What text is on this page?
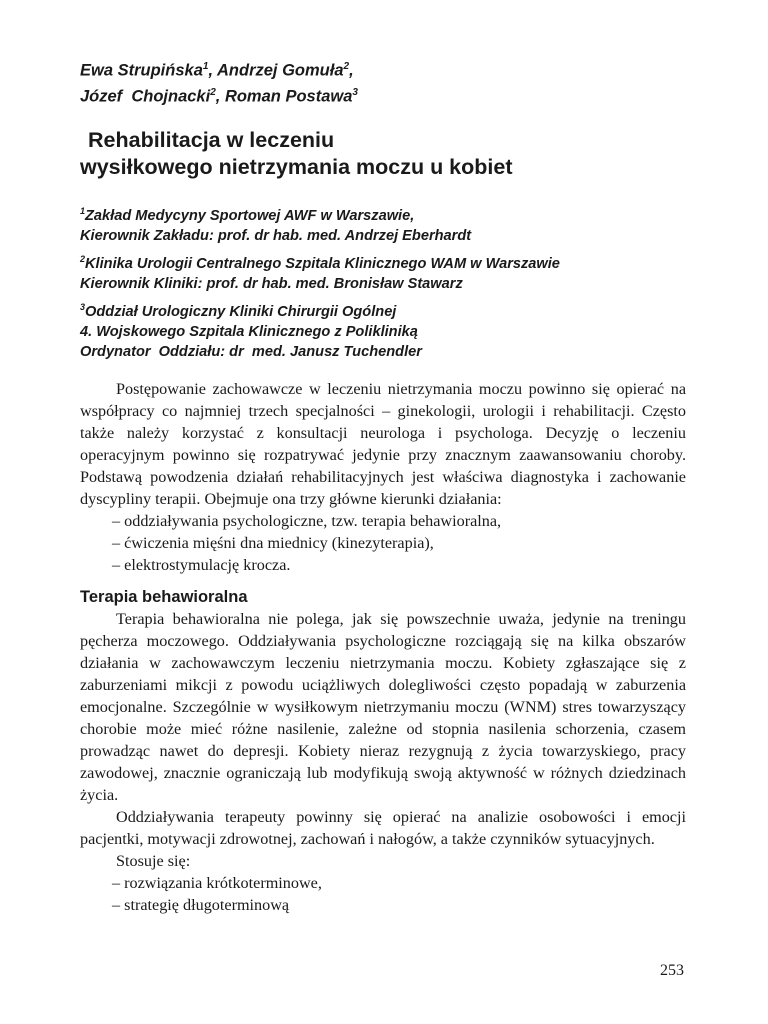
Ewa Strupińska$^1$, Andrzej Gomuła$^2$,
Józef  Chojnacki$^2$, Roman Postawa$^3$
Rehabilitacja w leczeniu
wysiłkowego nietrzymania moczu u kobiet

$^1$Zakład Medycyny Sportowej AWF w Warszawie,

Kierownik Zakładu: prof. dr hab. med. Andrzej Eberhardt

$^2$Klinika Urologii Centralnego Szpitala Klinicznego WAM w Warszawie

Kierownik Kliniki: prof. dr hab. med. Bronisław Stawarz

$^3$Oddział Urologiczny Kliniki Chirurgii Ogólnej

4. Wojskowego Szpitala Klinicznego z Polikliniką

Ordynator  Oddziału: dr  med. Janusz Tuchendler

Postępowanie zachowawcze w leczeniu nietrzymania moczu powinno się opierać na współpracy co najmniej trzech specjalności – ginekologii, urologii i rehabilitacji. Często także należy korzystać z konsultacji neurologa i psychologa. Decyzję o leczeniu operacyjnym powinno się rozpatrywać jedynie przy znacznym zaawansowaniu choroby. Podstawą powodzenia działań rehabilitacyjnych jest właściwa diagnostyka i zachowanie dyscypliny terapii. Obejmuje ona trzy główne kierunki działania:

– oddziaływania psychologiczne, tzw. terapia behawioralna,

– ćwiczenia mięśni dna miednicy (kinezyterapia),

– elektrostymulację krocza.

Terapia behawioralna

Terapia behawioralna nie polega, jak się powszechnie uważa, jedynie na treningu pęcherza moczowego. Oddziaływania psychologiczne rozciągają się na kilka obszarów działania w zachowawczym leczeniu nietrzymania moczu. Kobiety zgłaszające się z zaburzeniami mikcji z powodu uciążliwych dolegliwości często popadają w zaburzenia emocjonalne. Szczególnie w wysiłkowym nietrzymaniu moczu (WNM) stres towarzyszący chorobie może mieć różne nasilenie, zależne od stopnia nasilenia schorzenia, czasem prowadząc nawet do depresji. Kobiety nieraz rezygnują z życia towarzyskiego, pracy zawodowej, znacznie ograniczają lub modyfikują swoją aktywność w różnych dziedzinach życia.

Oddziaływania terapeuty powinny się opierać na analizie osobowości i emocji pacjentki, motywacji zdrowotnej, zachowań i nałogów, a także czynników sytuacyjnych.

Stosuje się:

– rozwiązania krótkoterminowe,

– strategię długoterminową

253
